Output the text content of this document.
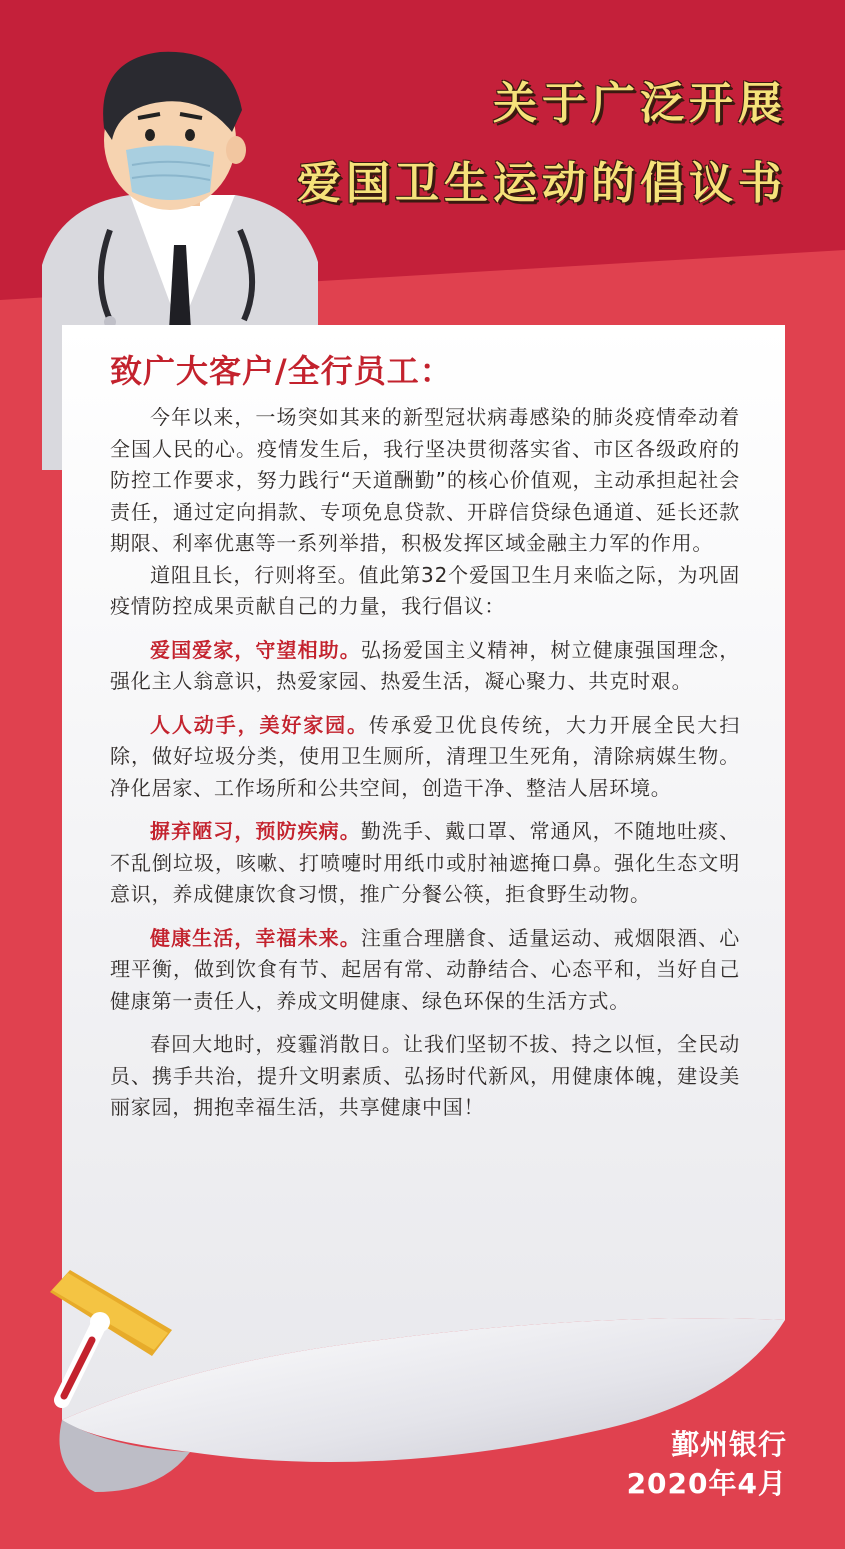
关于广泛开展
爱国卫生运动的倡议书
致广大客户/全行员工：

今年以来，一场突如其来的新型冠状病毒感染的肺炎疫情牵动着全国人民的心。疫情发生后，我行坚决贯彻落实省、市区各级政府的防控工作要求，努力践行“天道酬勤”的核心价值观，主动承担起社会责任，通过定向捐款、专项免息贷款、开辟信贷绿色通道、延长还款期限、利率优惠等一系列举措，积极发挥区域金融主力军的作用。

道阻且长，行则将至。值此第32个爱国卫生月来临之际，为巩固疫情防控成果贡献自己的力量，我行倡议：

爱国爱家，守望相助。弘扬爱国主义精神，树立健康强国理念，强化主人翁意识，热爱家园、热爱生活，凝心聚力、共克时艰。

人人动手，美好家园。传承爱卫优良传统，大力开展全民大扫除，做好垃圾分类，使用卫生厕所，清理卫生死角，清除病媒生物。净化居家、工作场所和公共空间，创造干净、整洁人居环境。

摒弃陋习，预防疾病。勤洗手、戴口罩、常通风，不随地吐痰、不乱倒垃圾，咳嗽、打喷嚏时用纸巾或肘袖遮掩口鼻。强化生态文明意识，养成健康饮食习惯，推广分餐公筷，拒食野生动物。

健康生活，幸福未来。注重合理膳食、适量运动、戒烟限酒、心理平衡，做到饮食有节、起居有常、动静结合、心态平和，当好自己健康第一责任人，养成文明健康、绿色环保的生活方式。

春回大地时，疫霾消散日。让我们坚韧不拔、持之以恒，全民动员、携手共治，提升文明素质、弘扬时代新风，用健康体魄，建设美丽家园，拥抱幸福生活，共享健康中国！

鄞州银行
2020年4月
